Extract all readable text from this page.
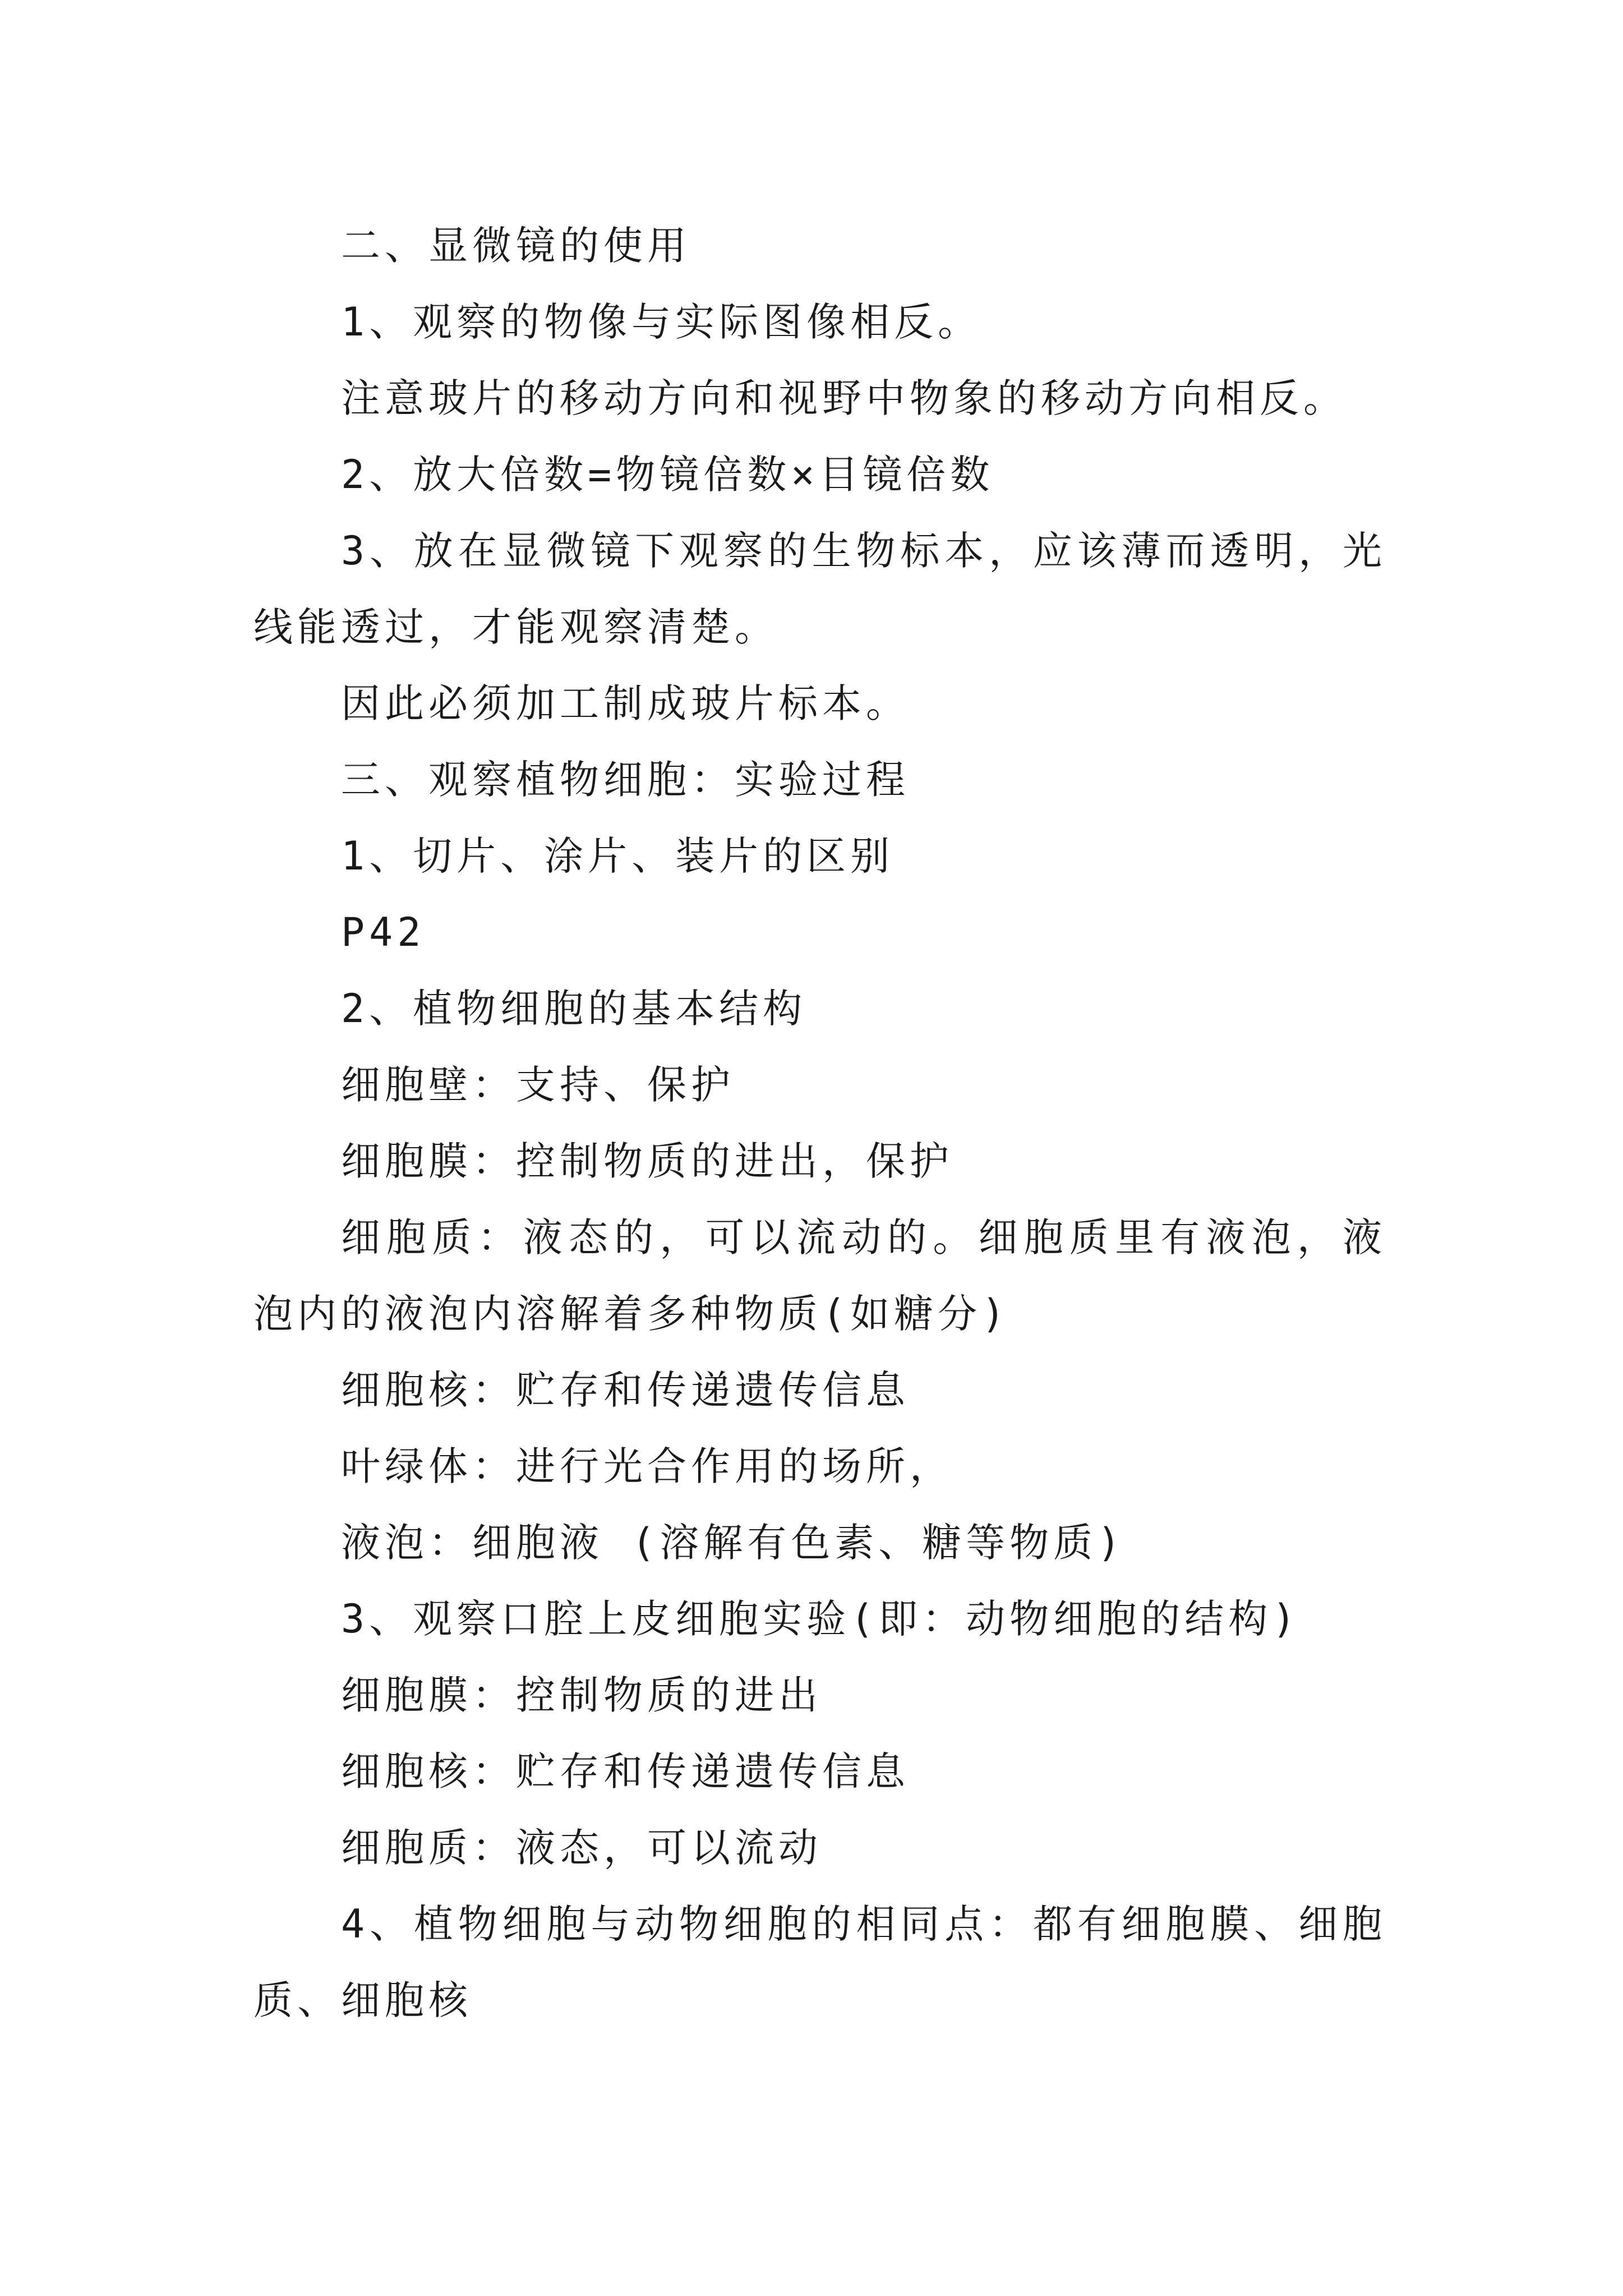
二、显微镜的使用

1、观察的物像与实际图像相反。

注意玻片的移动方向和视野中物象的移动方向相反。

2、放大倍数=物镜倍数×目镜倍数

3、放在显微镜下观察的生物标本，应该薄而透明，光线能透过，才能观察清楚。

因此必须加工制成玻片标本。

三、观察植物细胞：实验过程

1、切片、涂片、装片的区别

P42

2、植物细胞的基本结构

细胞壁：支持、保护

细胞膜：控制物质的进出，保护

细胞质：液态的，可以流动的。细胞质里有液泡，液泡内的液泡内溶解着多种物质(如糖分)

细胞核：贮存和传递遗传信息

叶绿体：进行光合作用的场所，

液泡：细胞液 (溶解有色素、糖等物质)

3、观察口腔上皮细胞实验(即：动物细胞的结构)

细胞膜：控制物质的进出

细胞核：贮存和传递遗传信息

细胞质：液态，可以流动

4、植物细胞与动物细胞的相同点：都有细胞膜、细胞质、细胞核
